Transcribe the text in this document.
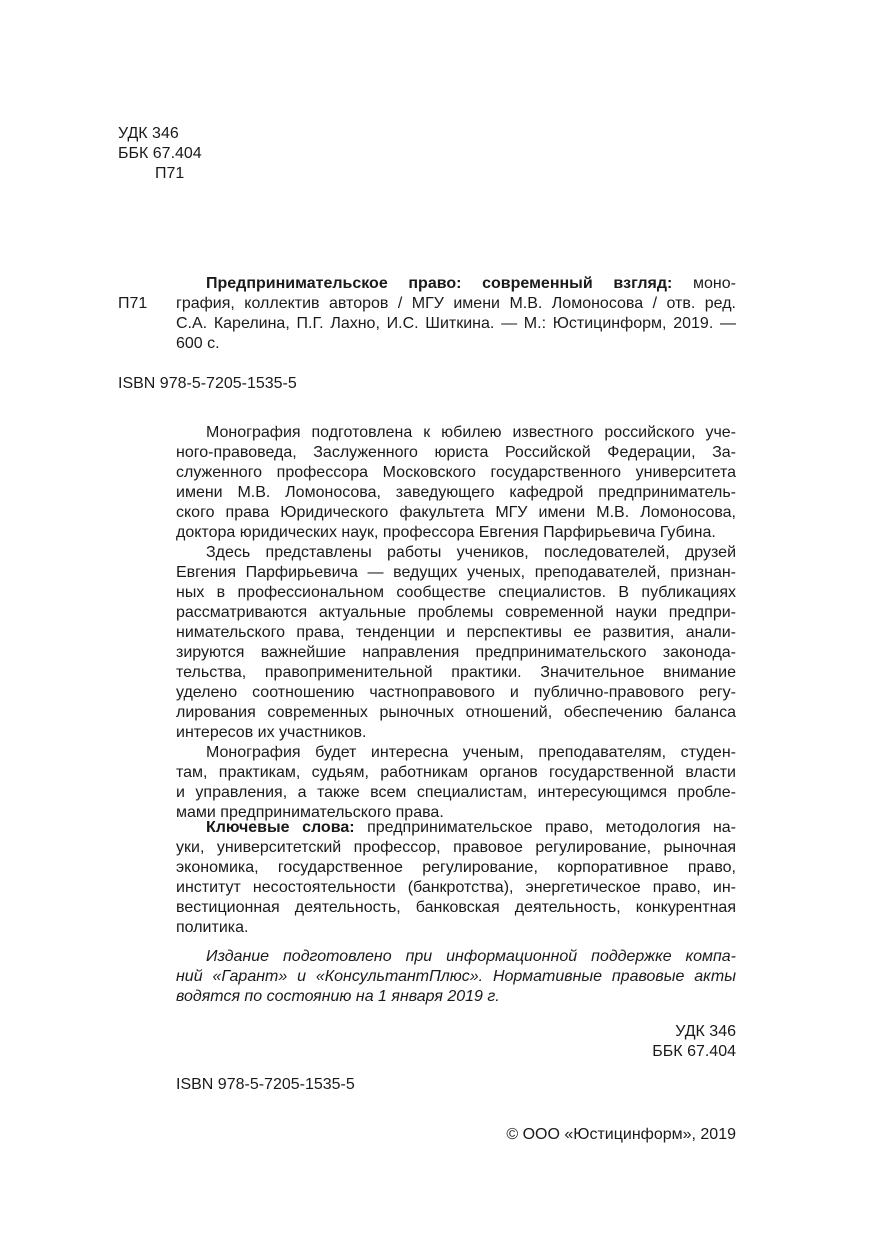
УДК 346
ББК 67.404
П71
П71
Предпринимательское право: современный взгляд: моно-
графия, коллектив авторов / МГУ имени М.В. Ломоносова / отв. ред.
С.А. Карелина, П.Г. Лахно, И.С. Шиткина. — М.: Юстицинформ, 2019. —
600 с.
ISBN 978-5-7205-1535-5
Монография подготовлена к юбилею известного российского уче-
ного-правоведа, Заслуженного юриста Российской Федерации, За-
служенного профессора Московского государственного университета
имени М.В. Ломоносова, заведующего кафедрой предприниматель-
ского права Юридического факультета МГУ имени М.В. Ломоносова,
доктора юридических наук, профессора Евгения Парфирьевича Губина.
Здесь представлены работы учеников, последователей, друзей
Евгения Парфирьевича — ведущих ученых, преподавателей, признан-
ных в профессиональном сообществе специалистов. В публикациях
рассматриваются актуальные проблемы современной науки предпри-
нимательского права, тенденции и перспективы ее развития, анали-
зируются важнейшие направления предпринимательского законода-
тельства, правоприменительной практики. Значительное внимание
уделено соотношению частноправового и публично-правового регу-
лирования современных рыночных отношений, обеспечению баланса
интересов их участников.
Монография будет интересна ученым, преподавателям, студен-
там, практикам, судьям, работникам органов государственной власти
и управления, а также всем специалистам, интересующимся пробле-
мами предпринимательского права.
Ключевые слова: предпринимательское право, методология на-
уки, университетский профессор, правовое регулирование, рыночная
экономика, государственное регулирование, корпоративное право,
институт несостоятельности (банкротства), энергетическое право, ин-
вестиционная деятельность, банковская деятельность, конкурентная
политика.
Издание подготовлено при информационной поддержке компа-
ний «Гарант» и «КонсультантПлюс». Нормативные правовые акты
водятся по состоянию на 1 января 2019 г.
УДК 346
ББК 67.404
ISBN 978-5-7205-1535-5
© ООО «Юстицинформ», 2019
